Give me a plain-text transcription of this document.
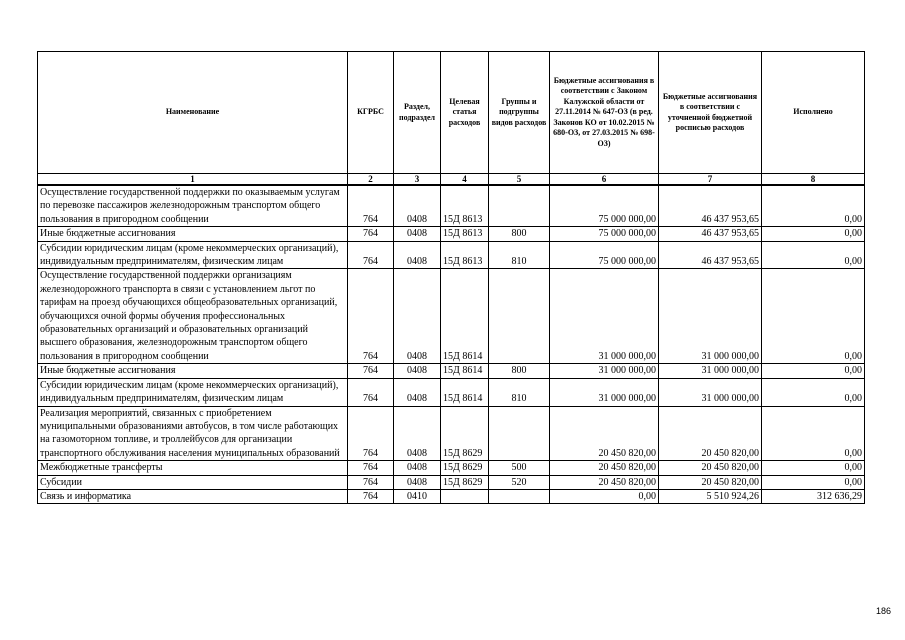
Наименование	КГРБС	Раздел, подраздел	Целевая статья расходов	Группы и подгруппы видов расходов	Бюджетные ассигнования в соответствии с Законом Калужской области от 27.11.2014 № 647-ОЗ (в ред. Законов КО от 10.02.2015 № 680-ОЗ, от 27.03.2015 № 698-ОЗ)	Бюджетные ассигнования в соответствии с уточненной бюджетной росписью расходов	Исполнено
1	2	3	4	5	6	7	8
Осуществление государственной поддержки по оказываемым услугам по перевозке пассажиров железнодорожным транспортом общего пользования в пригородном сообщении	764	0408	15Д 8613		75 000 000,00	46 437 953,65	0,00
Иные бюджетные ассигнования	764	0408	15Д 8613	800	75 000 000,00	46 437 953,65	0,00
Субсидии юридическим лицам (кроме некоммерческих организаций), индивидуальным предпринимателям, физическим лицам	764	0408	15Д 8613	810	75 000 000,00	46 437 953,65	0,00
Осуществление государственной поддержки организациям железнодорожного транспорта в связи с установлением льгот по тарифам на проезд обучающихся общеобразовательных организаций, обучающихся очной формы обучения профессиональных образовательных организаций и образовательных организаций высшего образования, железнодорожным транспортом общего пользования в пригородном сообщении	764	0408	15Д 8614		31 000 000,00	31 000 000,00	0,00
Иные бюджетные ассигнования	764	0408	15Д 8614	800	31 000 000,00	31 000 000,00	0,00
Субсидии юридическим лицам (кроме некоммерческих организаций), индивидуальным предпринимателям, физическим лицам	764	0408	15Д 8614	810	31 000 000,00	31 000 000,00	0,00
Реализация мероприятий, связанных с приобретением муниципальными образованиями автобусов, в том числе работающих на газомоторном топливе, и троллейбусов для организации транспортного обслуживания населения муниципальных образований	764	0408	15Д 8629		20 450 820,00	20 450 820,00	0,00
Межбюджетные трансферты	764	0408	15Д 8629	500	20 450 820,00	20 450 820,00	0,00
Субсидии	764	0408	15Д 8629	520	20 450 820,00	20 450 820,00	0,00
Связь и информатика	764	0410			0,00	5 510 924,26	312 636,29
186
